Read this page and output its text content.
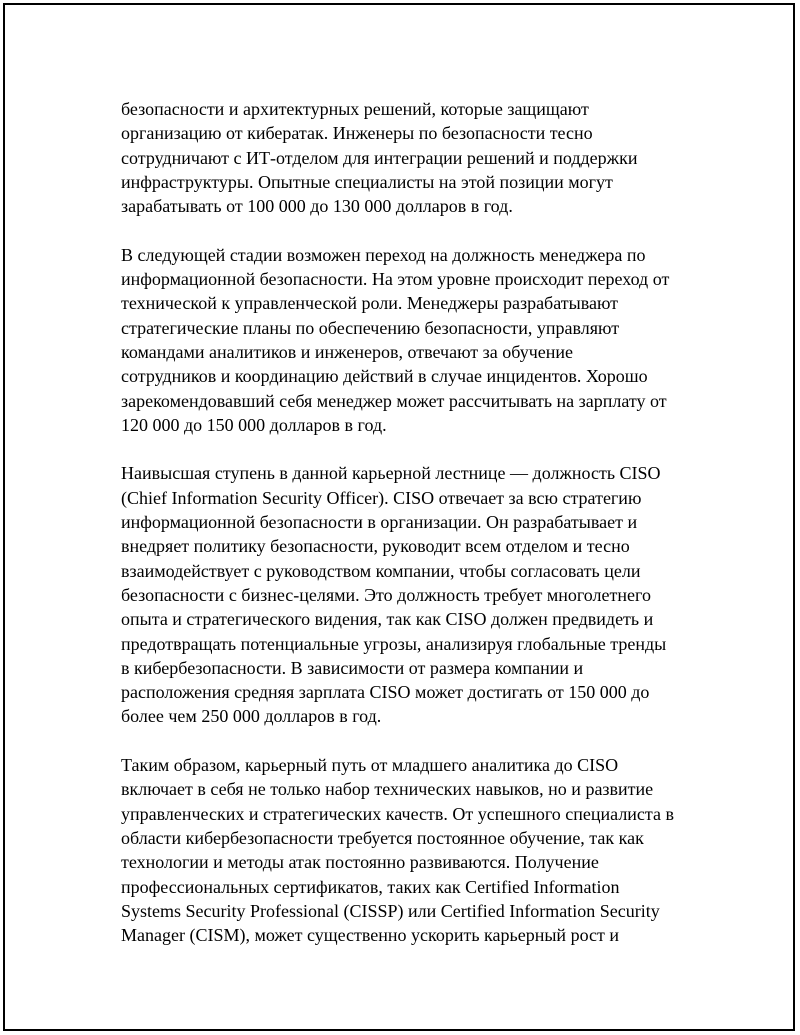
безопасности и архитектурных решений, которые защищают
организацию от кибератак. Инженеры по безопасности тесно
сотрудничают с ИТ-отделом для интеграции решений и поддержки
инфраструктуры. Опытные специалисты на этой позиции могут
зарабатывать от 100 000 до 130 000 долларов в год.

В следующей стадии возможен переход на должность менеджера по
информационной безопасности. На этом уровне происходит переход от
технической к управленческой роли. Менеджеры разрабатывают
стратегические планы по обеспечению безопасности, управляют
командами аналитиков и инженеров, отвечают за обучение
сотрудников и координацию действий в случае инцидентов. Хорошо
зарекомендовавший себя менеджер может рассчитывать на зарплату от
120 000 до 150 000 долларов в год.

Наивысшая ступень в данной карьерной лестнице — должность CISO
(Chief Information Security Officer). CISO отвечает за всю стратегию
информационной безопасности в организации. Он разрабатывает и
внедряет политику безопасности, руководит всем отделом и тесно
взаимодействует с руководством компании, чтобы согласовать цели
безопасности с бизнес-целями. Это должность требует многолетнего
опыта и стратегического видения, так как CISO должен предвидеть и
предотвращать потенциальные угрозы, анализируя глобальные тренды
в кибербезопасности. В зависимости от размера компании и
расположения средняя зарплата CISO может достигать от 150 000 до
более чем 250 000 долларов в год.

Таким образом, карьерный путь от младшего аналитика до CISO
включает в себя не только набор технических навыков, но и развитие
управленческих и стратегических качеств. От успешного специалиста в
области кибербезопасности требуется постоянное обучение, так как
технологии и методы атак постоянно развиваются. Получение
профессиональных сертификатов, таких как Certified Information
Systems Security Professional (CISSP) или Certified Information Security
Manager (CISM), может существенно ускорить карьерный рост и
